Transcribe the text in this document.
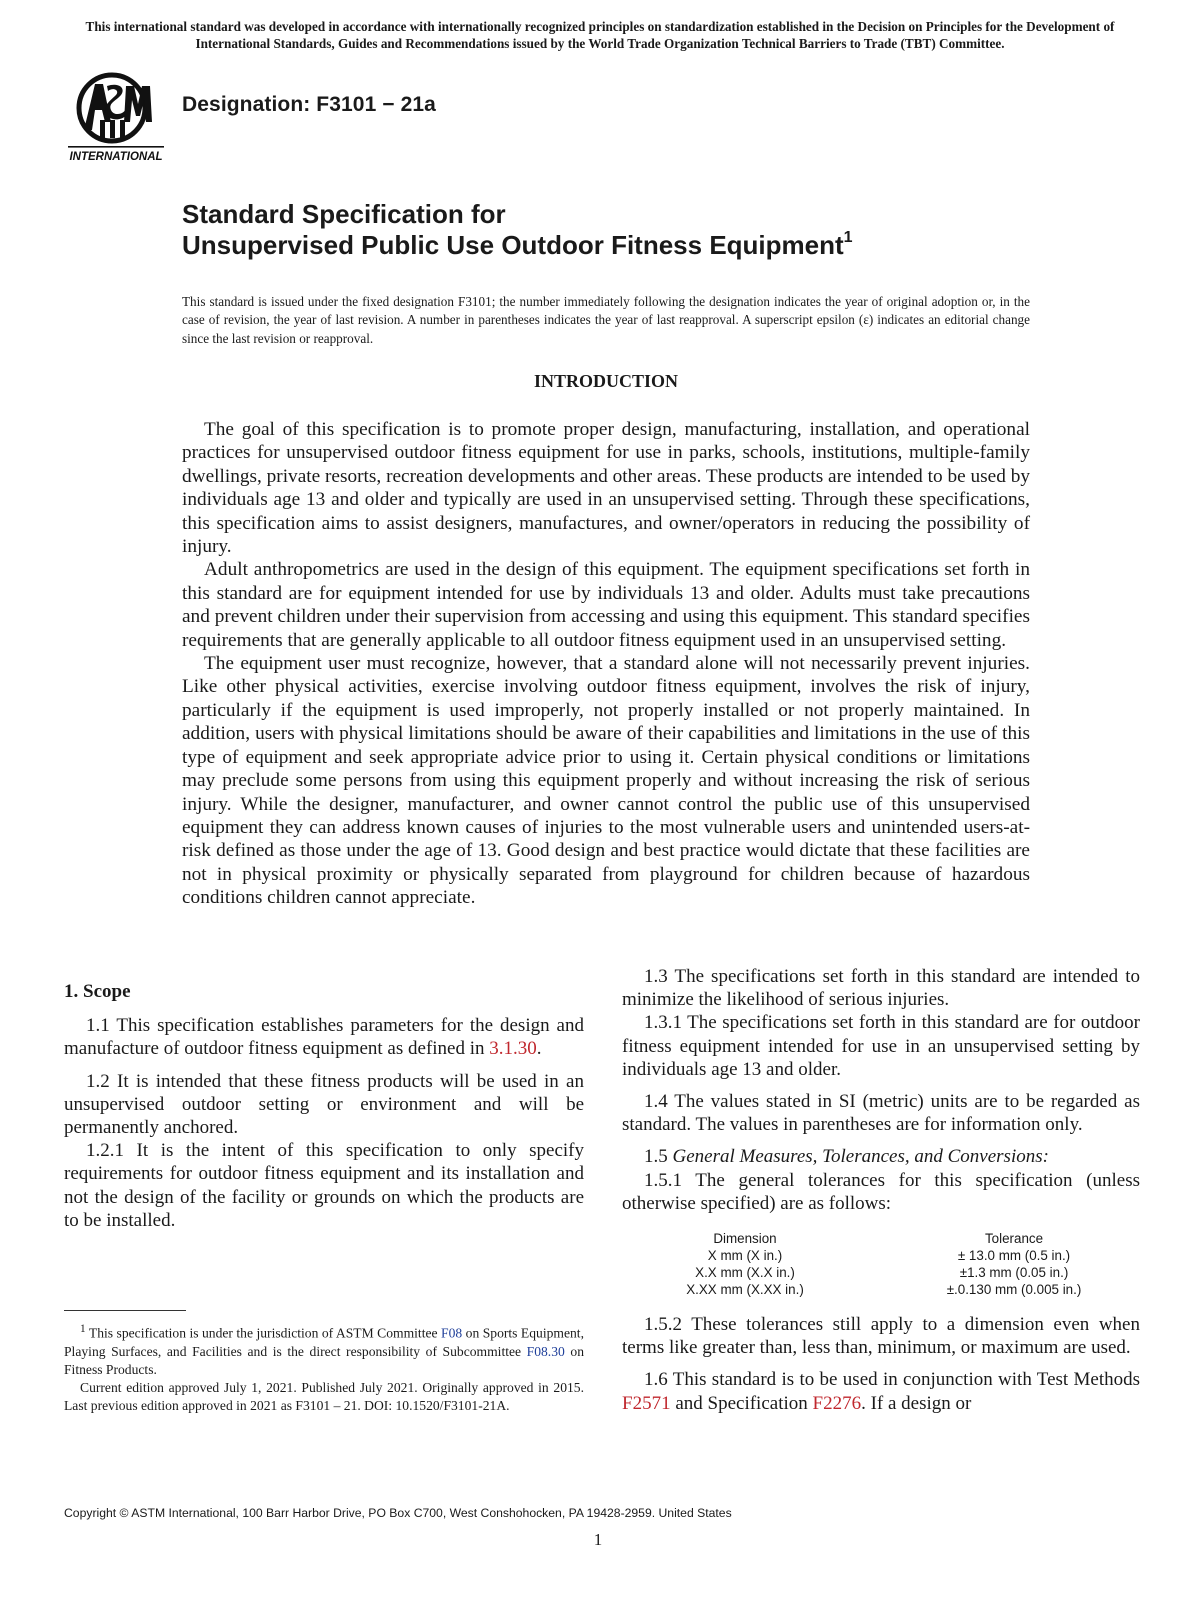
This international standard was developed in accordance with internationally recognized principles on standardization established in the Decision on Principles for the Development of International Standards, Guides and Recommendations issued by the World Trade Organization Technical Barriers to Trade (TBT) Committee.
INTERNATIONAL
Designation: F3101 − 21a
Standard Specification for
Unsupervised Public Use Outdoor Fitness Equipment$^1$
This standard is issued under the fixed designation F3101; the number immediately following the designation indicates the year of original adoption or, in the case of revision, the year of last revision. A number in parentheses indicates the year of last reapproval. A superscript epsilon (ε) indicates an editorial change since the last revision or reapproval.
INTRODUCTION

The goal of this specification is to promote proper design, manufacturing, installation, and operational practices for unsupervised outdoor fitness equipment for use in parks, schools, institutions, multiple-family dwellings, private resorts, recreation developments and other areas. These products are intended to be used by individuals age 13 and older and typically are used in an unsupervised setting. Through these specifications, this specification aims to assist designers, manufactures, and owner/operators in reducing the possibility of injury.

Adult anthropometrics are used in the design of this equipment. The equipment specifications set forth in this standard are for equipment intended for use by individuals 13 and older. Adults must take precautions and prevent children under their supervision from accessing and using this equipment. This standard specifies requirements that are generally applicable to all outdoor fitness equipment used in an unsupervised setting.

The equipment user must recognize, however, that a standard alone will not necessarily prevent injuries. Like other physical activities, exercise involving outdoor fitness equipment, involves the risk of injury, particularly if the equipment is used improperly, not properly installed or not properly maintained. In addition, users with physical limitations should be aware of their capabilities and limitations in the use of this type of equipment and seek appropriate advice prior to using it. Certain physical conditions or limitations may preclude some persons from using this equipment properly and without increasing the risk of serious injury. While the designer, manufacturer, and owner cannot control the public use of this unsupervised equipment they can address known causes of injuries to the most vulnerable users and unintended users-at-risk defined as those under the age of 13. Good design and best practice would dictate that these facilities are not in physical proximity or physically separated from playground for children because of hazardous conditions children cannot appreciate.

1. Scope

1.1 This specification establishes parameters for the design and manufacture of outdoor fitness equipment as defined in 3.1.30.

1.2 It is intended that these fitness products will be used in an unsupervised outdoor setting or environment and will be permanently anchored.

1.2.1 It is the intent of this specification to only specify requirements for outdoor fitness equipment and its installation and not the design of the facility or grounds on which the products are to be installed.

1.3 The specifications set forth in this standard are intended to minimize the likelihood of serious injuries.

1.3.1 The specifications set forth in this standard are for outdoor fitness equipment intended for use in an unsupervised setting by individuals age 13 and older.

1.4 The values stated in SI (metric) units are to be regarded as standard. The values in parentheses are for information only.

1.5 General Measures, Tolerances, and Conversions:

1.5.1 The general tolerances for this specification (unless otherwise specified) are as follows:

1.5.2 These tolerances still apply to a dimension even when terms like greater than, less than, minimum, or maximum are used.

1.6 This standard is to be used in conjunction with Test Methods F2571 and Specification F2276. If a design or

Dimension	Tolerance
X mm (X in.)	± 13.0 mm (0.5 in.)
X.X mm (X.X in.)	±1.3 mm (0.05 in.)
X.XX mm (X.XX in.)	±.0.130 mm (0.005 in.)

$^1$ This specification is under the jurisdiction of ASTM Committee F08 on Sports Equipment, Playing Surfaces, and Facilities and is the direct responsibility of Subcommittee F08.30 on Fitness Products.

Current edition approved July 1, 2021. Published July 2021. Originally approved in 2015. Last previous edition approved in 2021 as F3101 – 21. DOI: 10.1520/F3101-21A.

Copyright © ASTM International, 100 Barr Harbor Drive, PO Box C700, West Conshohocken, PA 19428-2959. United States
1
